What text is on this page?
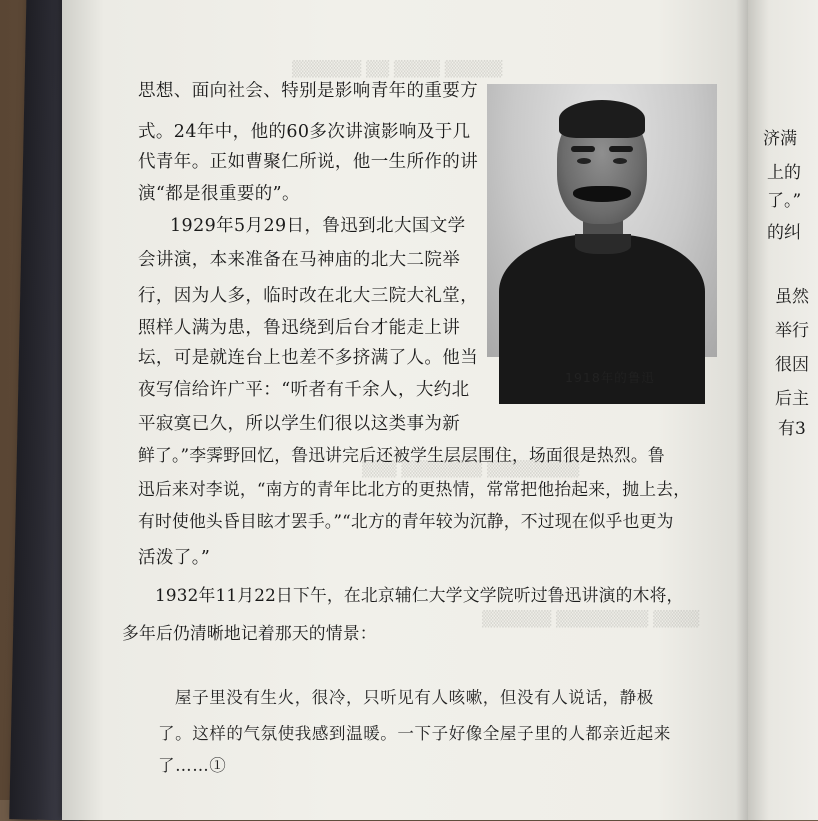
▒▒▒▒▒ ▒▒▒▒ ▒▒ ▒▒▒▒▒▒
▒▒▒▒▒▒▒▒ ▒▒▒▒▒▒▒ ▒▒▒
▒▒▒▒ ▒▒▒▒▒▒▒▒ ▒▒▒▒▒▒
思想、面向社会、特别是影响青年的重要方
式。24年中，他的60多次讲演影响及于几
代青年。正如曹聚仁所说，他一生所作的讲
演“都是很重要的”。
1929年5月29日，鲁迅到北大国文学
会讲演，本来准备在马神庙的北大二院举
行，因为人多，临时改在北大三院大礼堂，
照样人满为患，鲁迅绕到后台才能走上讲
坛，可是就连台上也差不多挤满了人。他当
夜写信给许广平：“听者有千余人，大约北
平寂寞已久，所以学生们很以这类事为新
鲜了。”李霁野回忆，鲁迅讲完后还被学生层层围住，场面很是热烈。鲁
迅后来对李说，“南方的青年比北方的更热情，常常把他抬起来，抛上去，
有时使他头昏目眩才罢手。”“北方的青年较为沉静，不过现在似乎也更为
活泼了。”
1932年11月22日下午，在北京辅仁大学文学院听过鲁迅讲演的木将，
多年后仍清晰地记着那天的情景：
屋子里没有生火，很冷，只听见有人咳嗽，但没有人说话，静极
了。这样的气氛使我感到温暖。一下子好像全屋子里的人都亲近起来
了……①
1918年的鲁迅
济满
上的
了。”
的纠
虽然
举行
很因
后主
有3
